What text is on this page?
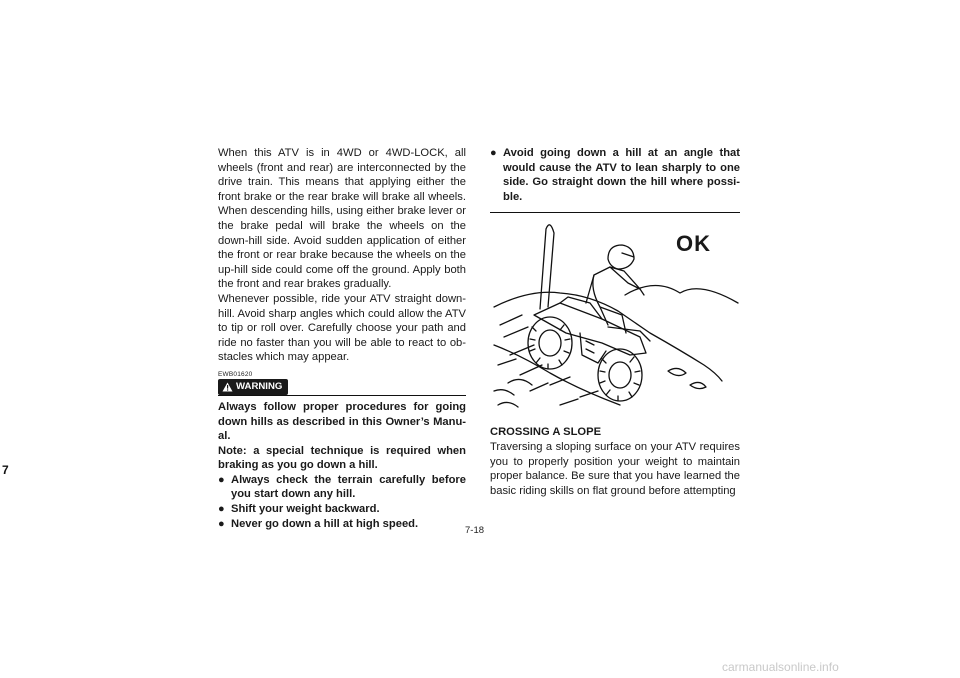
7

When this ATV is in 4WD or 4WD-LOCK, all wheels (front and rear) are interconnected by the drive train. This means that applying either the front brake or the rear brake will brake all wheels. When descending hills, using either brake lever or the brake pedal will brake the wheels on the down-hill side. Avoid sudden application of either the front or rear brake because the wheels on the up-hill side could come off the ground. Apply both the front and rear brakes gradually.

Whenever possible, ride your ATV straight down-hill. Avoid sharp angles which could allow the ATV to tip or roll over. Carefully choose your path and ride no faster than you will be able to react to ob-stacles which may appear.

EWB01620
WARNING

Always follow proper procedures for going down hills as described in this Owner’s Manu-al.

Note: a special technique is required when braking as you go down a hill.

● Always check the terrain carefully before you start down any hill.
● Shift your weight backward.
● Never go down a hill at high speed.
● Avoid going down a hill at an angle that would cause the ATV to lean sharply to one side. Go straight down the hill where possi-ble.
OK
CROSSING A SLOPE

Traversing a sloping surface on your ATV requires you to properly position your weight to maintain proper balance. Be sure that you have learned the basic riding skills on flat ground before attempting

7-18
carmanualsonline.info
